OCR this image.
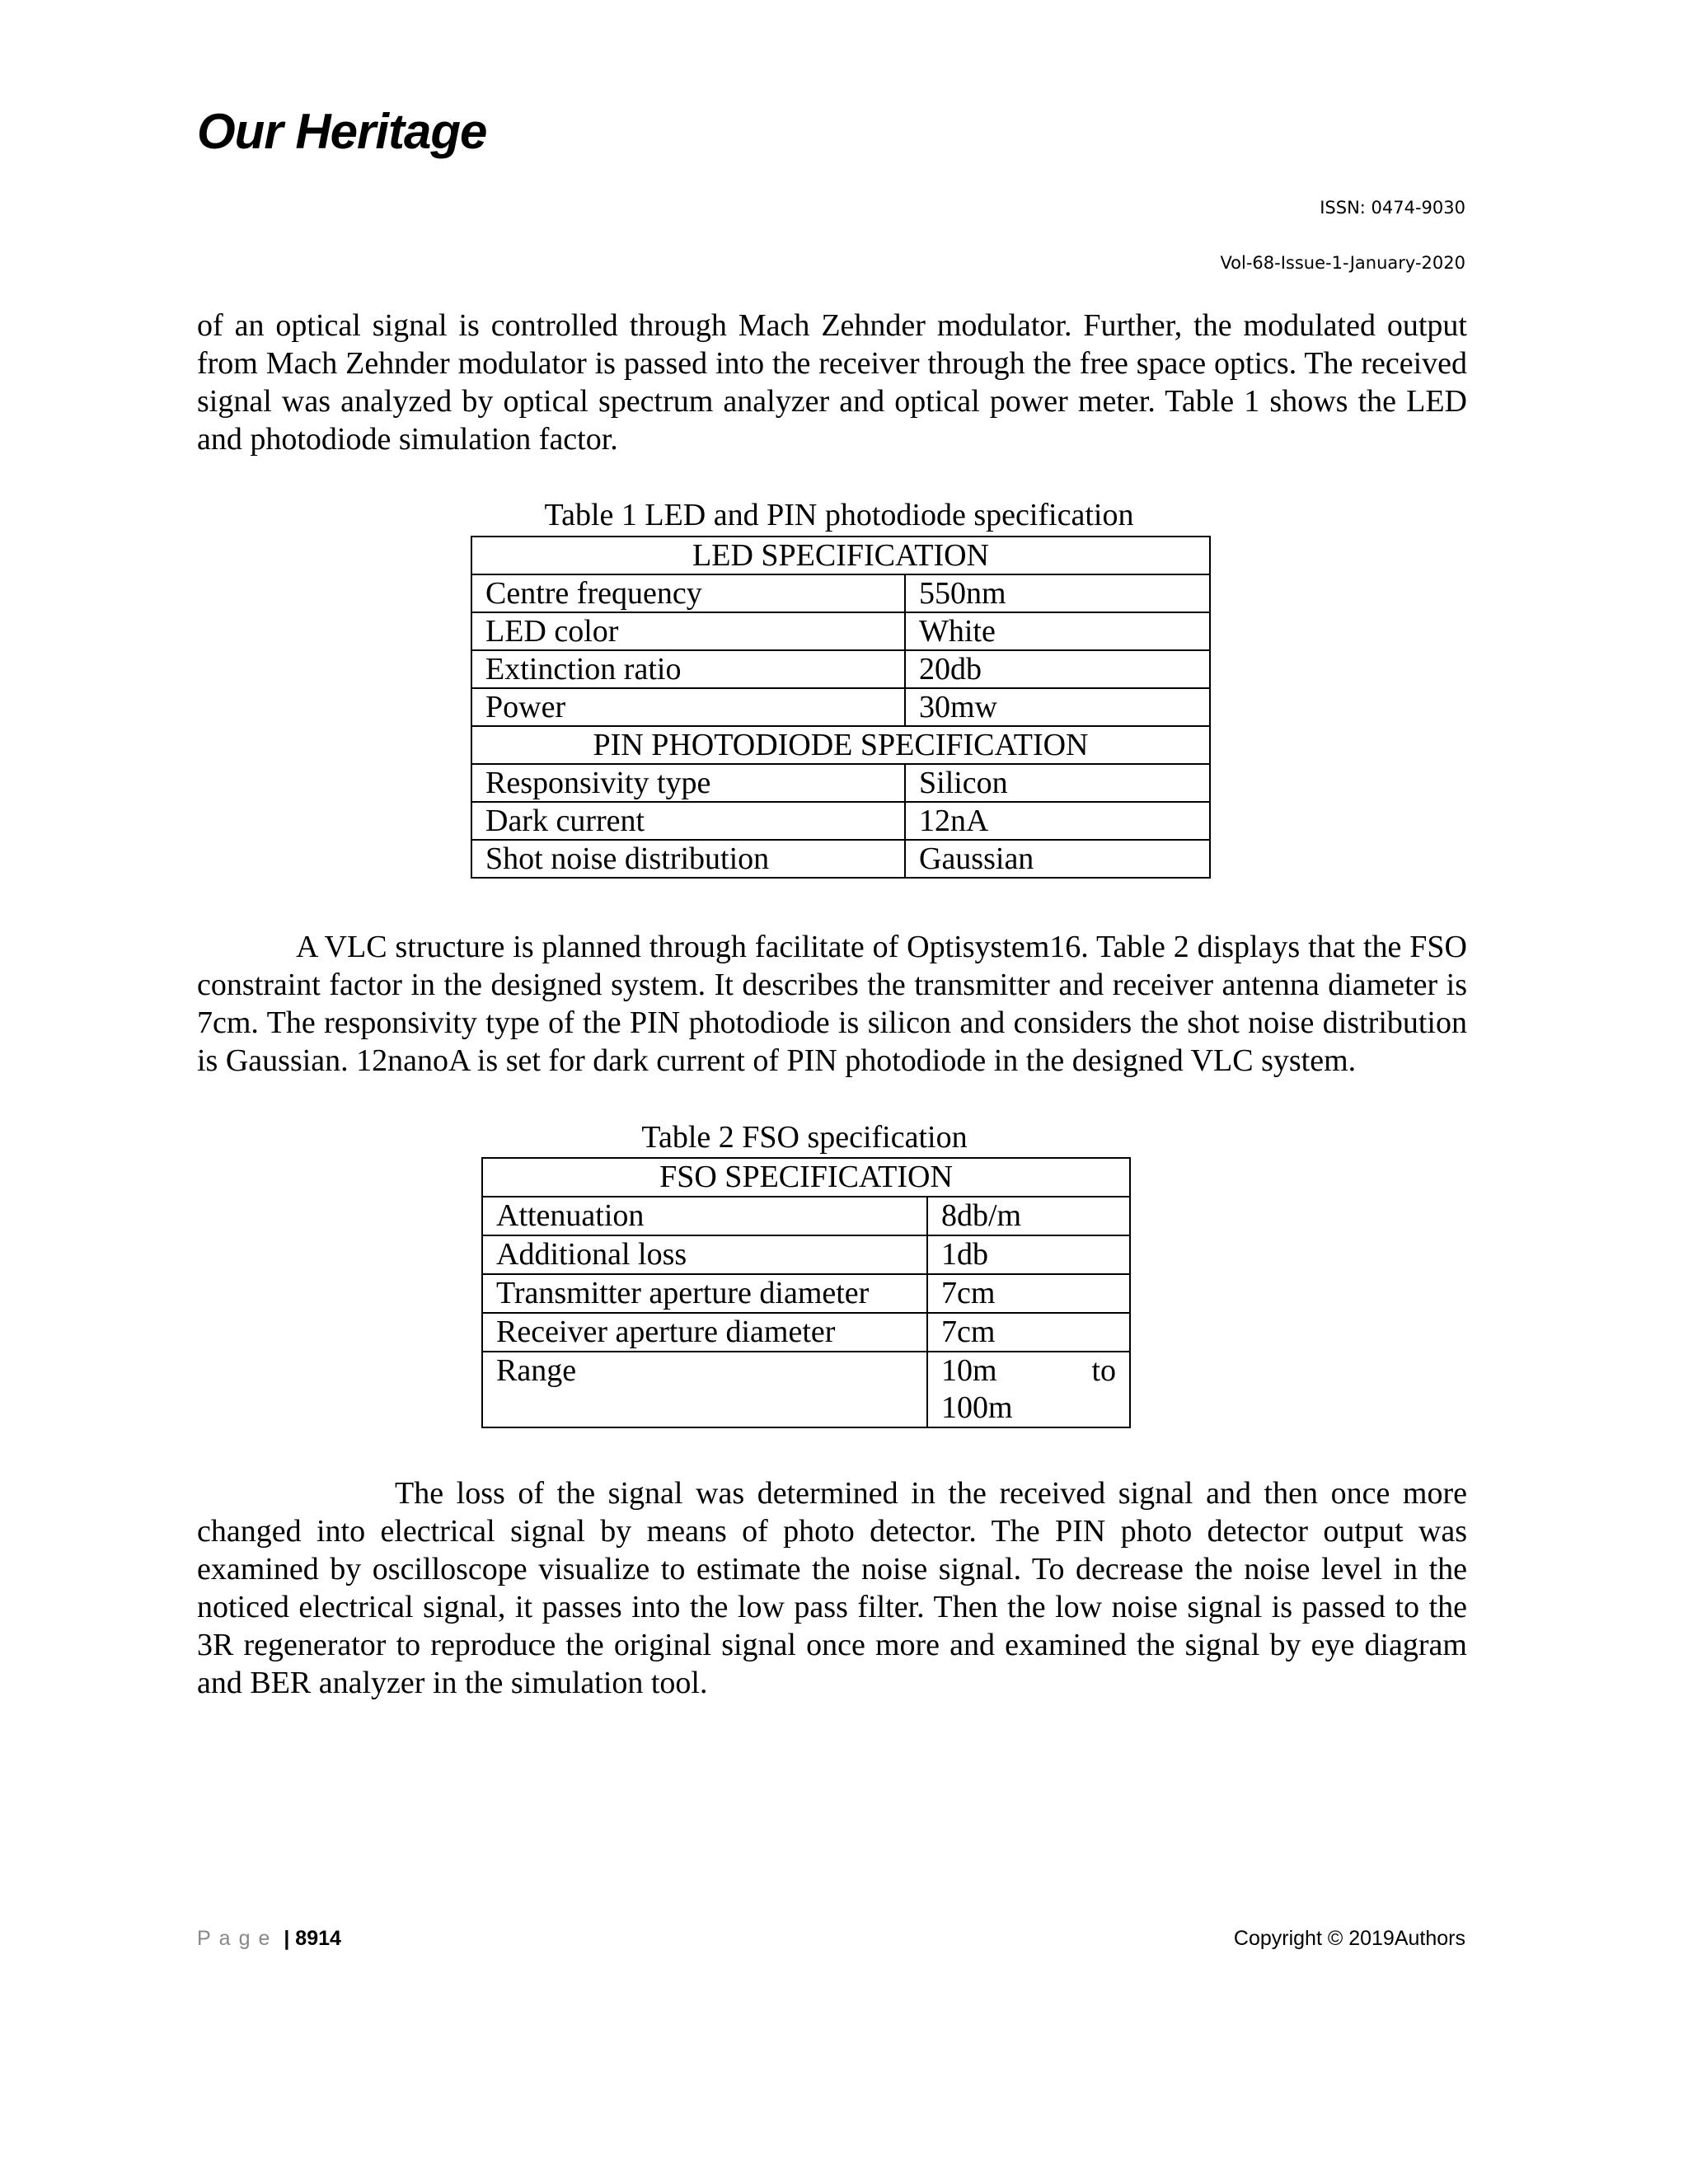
Our Heritage
ISSN: 0474-9030
Vol-68-Issue-1-January-2020

of an optical signal is controlled through Mach Zehnder modulator. Further, the modulated output from Mach Zehnder modulator is passed into the receiver through the free space optics. The received signal was analyzed by optical spectrum analyzer and optical power meter. Table 1 shows the LED and photodiode simulation factor.

Table 1 LED and PIN photodiode specification
LED SPECIFICATION	
Centre frequency	550nm
LED color	White
Extinction ratio	20db
Power	30mw
PIN PHOTODIODE SPECIFICATION	
Responsivity type	Silicon
Dark current	12nA
Shot noise distribution	Gaussian

A VLC structure is planned through facilitate of Optisystem16. Table 2 displays that the FSO constraint factor in the designed system. It describes the transmitter and receiver antenna diameter is 7cm. The responsivity type of the PIN photodiode is silicon and considers the shot noise distribution is Gaussian. 12nanoA is set for dark current of PIN photodiode in the designed VLC system.

Table 2 FSO specification
FSO SPECIFICATION	
Attenuation	8db/m
Additional loss	1db
Transmitter aperture diameter	7cm
Receiver aperture diameter	7cm
Range	10m to
100m

The loss of the signal was determined in the received signal and then once more changed into electrical signal by means of photo detector. The PIN photo detector output was examined by oscilloscope visualize to estimate the noise signal. To decrease the noise level in the noticed electrical signal, it passes into the low pass filter. Then the low noise signal is passed to the 3R regenerator to reproduce the original signal once more and examined the signal by eye diagram and BER analyzer in the simulation tool.

Page | 8914	Copyright © 2019Authors
